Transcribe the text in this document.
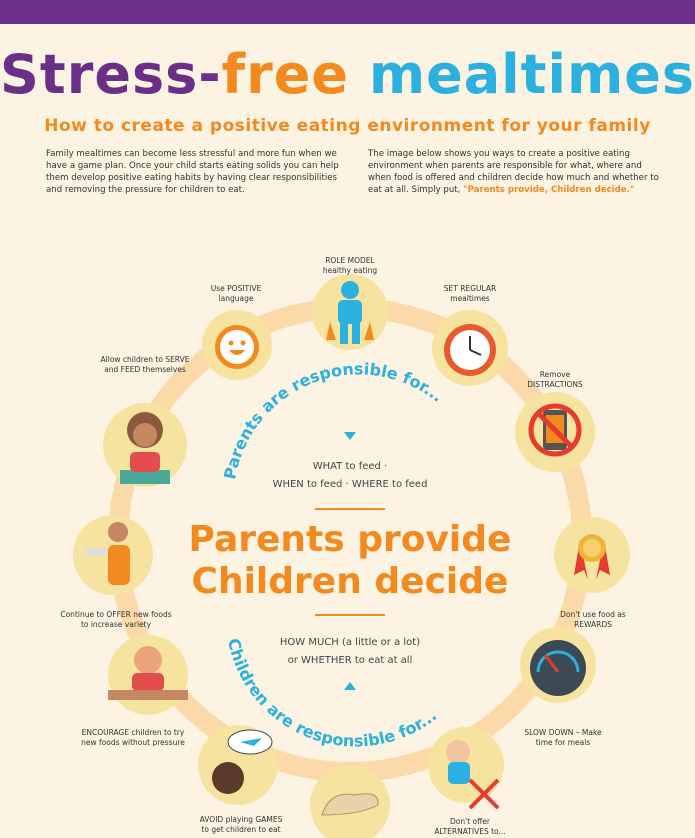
Stress-free mealtimes
How to create a positive eating environment for your family
Family mealtimes can become less stressful and more fun when we have a game plan. Once your child starts eating solids you can help them develop positive eating habits by having clear responsibilities and removing the pressure for children to eat.
The image below shows you ways to create a positive eating environment when parents are responsible for what, where and when food is offered and children decide how much and whether to eat at all. Simply put, "Parents provide, Children decide."
Parents are responsible for...
Children are responsible for...
WHAT to feed ·
WHEN to feed · WHERE to feed
Parents provide
Children decide
HOW MUCH (a little or a lot)
or WHETHER to eat at all
ROLE MODEL healthy eating
Use POSITIVE language
SET REGULAR mealtimes
Remove DISTRACTIONS
Allow children to SERVE and FEED themselves
Don't use food as REWARDS
Continue to OFFER new foods to increase variety
SLOW DOWN – Make time for meals
ENCOURAGE children to try new foods without pressure
Don't offer ALTERNATIVES to...
AVOID playing GAMES to get children to eat
